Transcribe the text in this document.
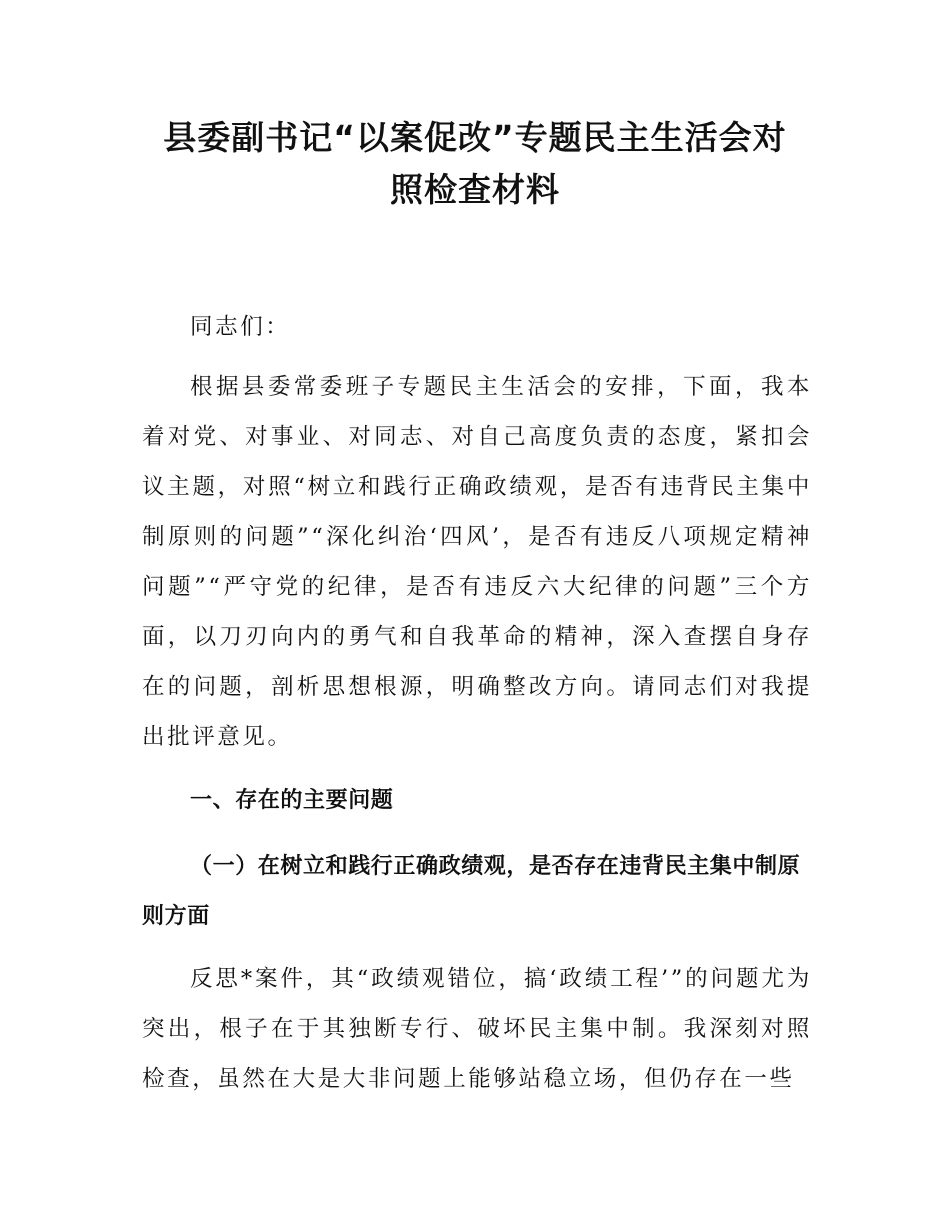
县委副书记“以案促改”专题民主生活会对
照检查材料

同志们：

根据县委常委班子专题民主生活会的安排，下面，我本着对党、对事业、对同志、对自己高度负责的态度，紧扣会议主题，对照“树立和践行正确政绩观，是否有违背民主集中制原则的问题”“深化纠治‘四风’，是否有违反八项规定精神问题”“严守党的纪律，是否有违反六大纪律的问题”三个方面，以刀刃向内的勇气和自我革命的精神，深入查摆自身存在的问题，剖析思想根源，明确整改方向。请同志们对我提出批评意见。

一、存在的主要问题
（一）在树立和践行正确政绩观，是否存在违背民主集中制原则方面

反思*案件，其“政绩观错位，搞‘政绩工程’”的问题尤为突出，根子在于其独断专行、破坏民主集中制。我深刻对照检查，虽然在大是大非问题上能够站稳立场，但仍存在一些
